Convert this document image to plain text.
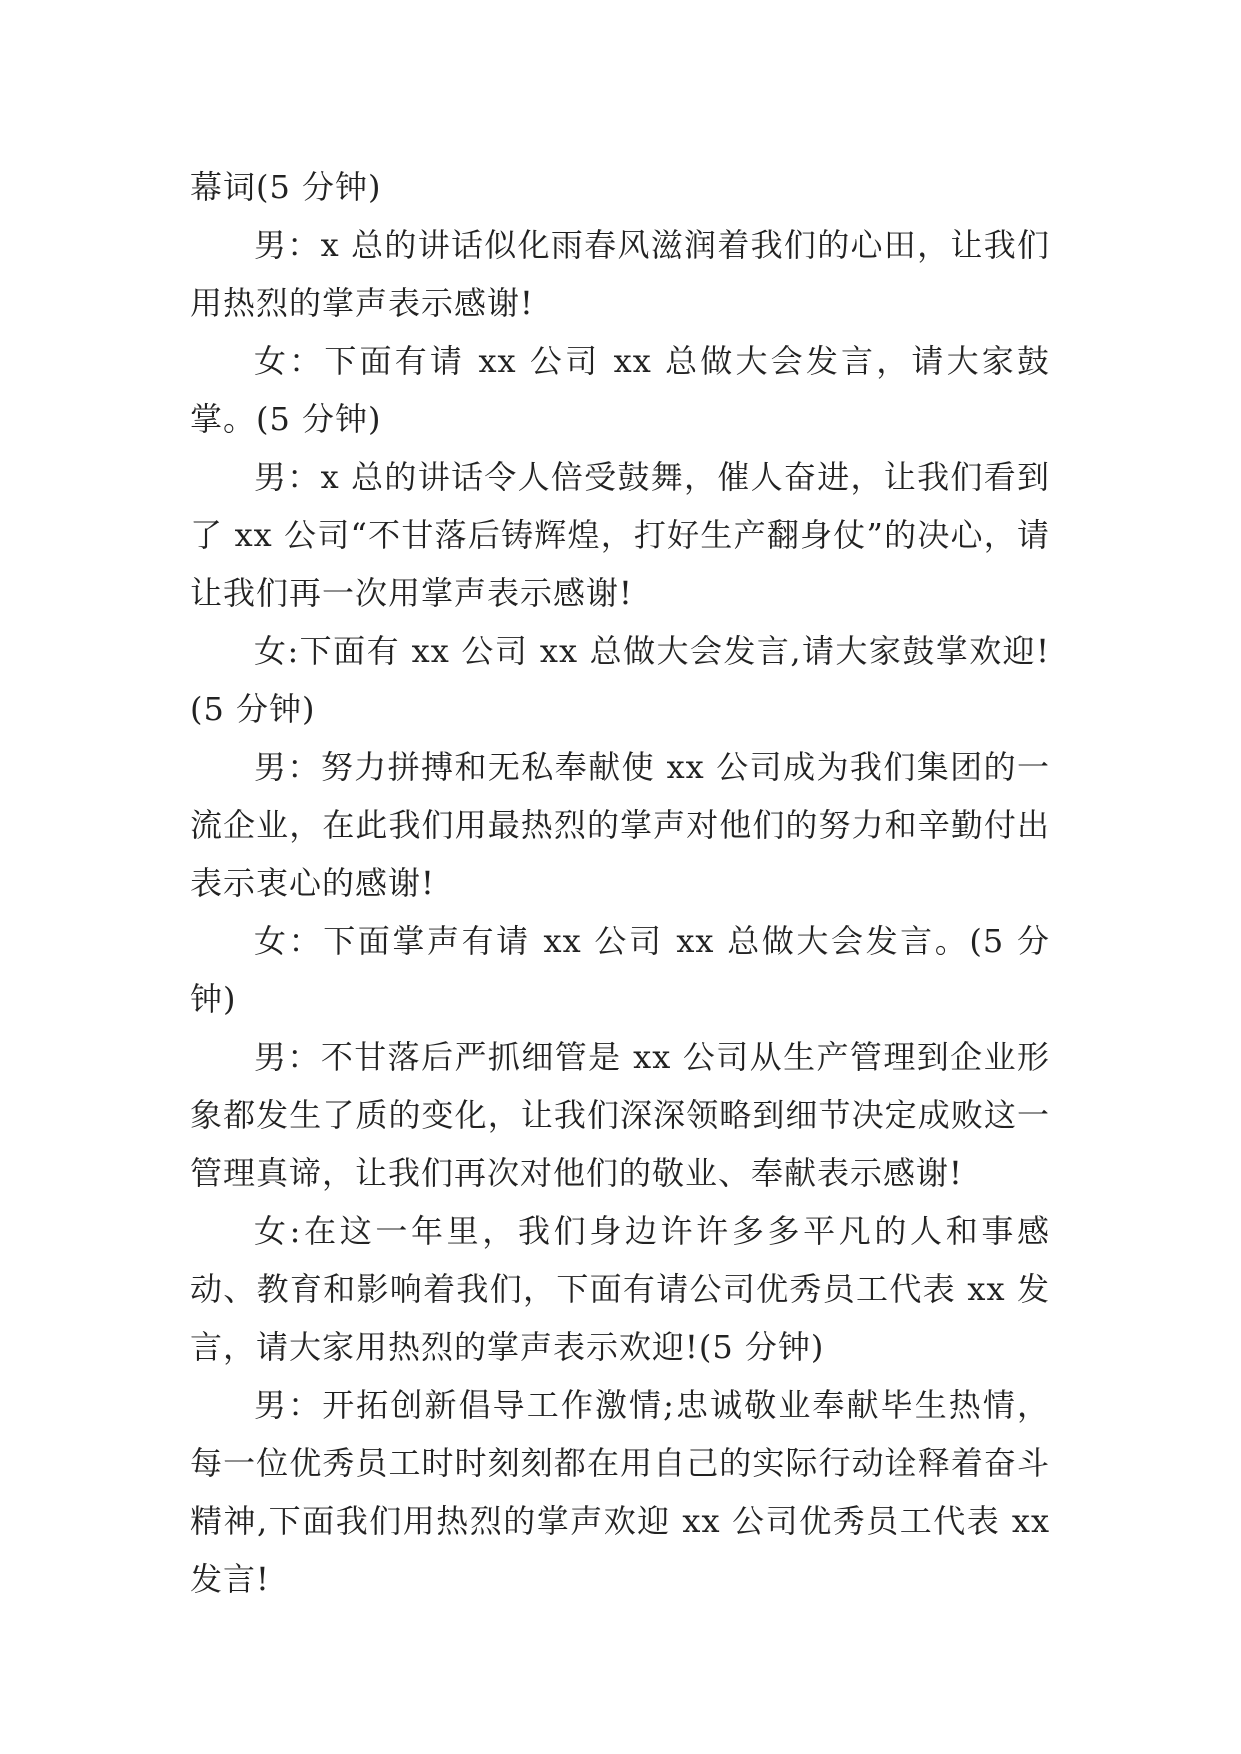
幕词(5 分钟)

男：x 总的讲话似化雨春风滋润着我们的心田，让我们用热烈的掌声表示感谢!

女：下面有请 xx 公司 xx 总做大会发言，请大家鼓掌。(5 分钟)

男：x 总的讲话令人倍受鼓舞，催人奋进，让我们看到了 xx 公司“不甘落后铸辉煌，打好生产翻身仗”的决心，请让我们再一次用掌声表示感谢!

女:下面有 xx 公司 xx 总做大会发言,请大家鼓掌欢迎!(5 分钟)

男：努力拼搏和无私奉献使 xx 公司成为我们集团的一流企业，在此我们用最热烈的掌声对他们的努力和辛勤付出表示衷心的感谢!

女：下面掌声有请 xx 公司 xx 总做大会发言。(5 分钟)

男：不甘落后严抓细管是 xx 公司从生产管理到企业形象都发生了质的变化，让我们深深领略到细节决定成败这一管理真谛，让我们再次对他们的敬业、奉献表示感谢!

女:在这一年里，我们身边许许多多平凡的人和事感动、教育和影响着我们，下面有请公司优秀员工代表 xx 发言，请大家用热烈的掌声表示欢迎!(5 分钟)

男：开拓创新倡导工作激情;忠诚敬业奉献毕生热情，每一位优秀员工时时刻刻都在用自己的实际行动诠释着奋斗精神,下面我们用热烈的掌声欢迎 xx 公司优秀员工代表 xx 发言!
